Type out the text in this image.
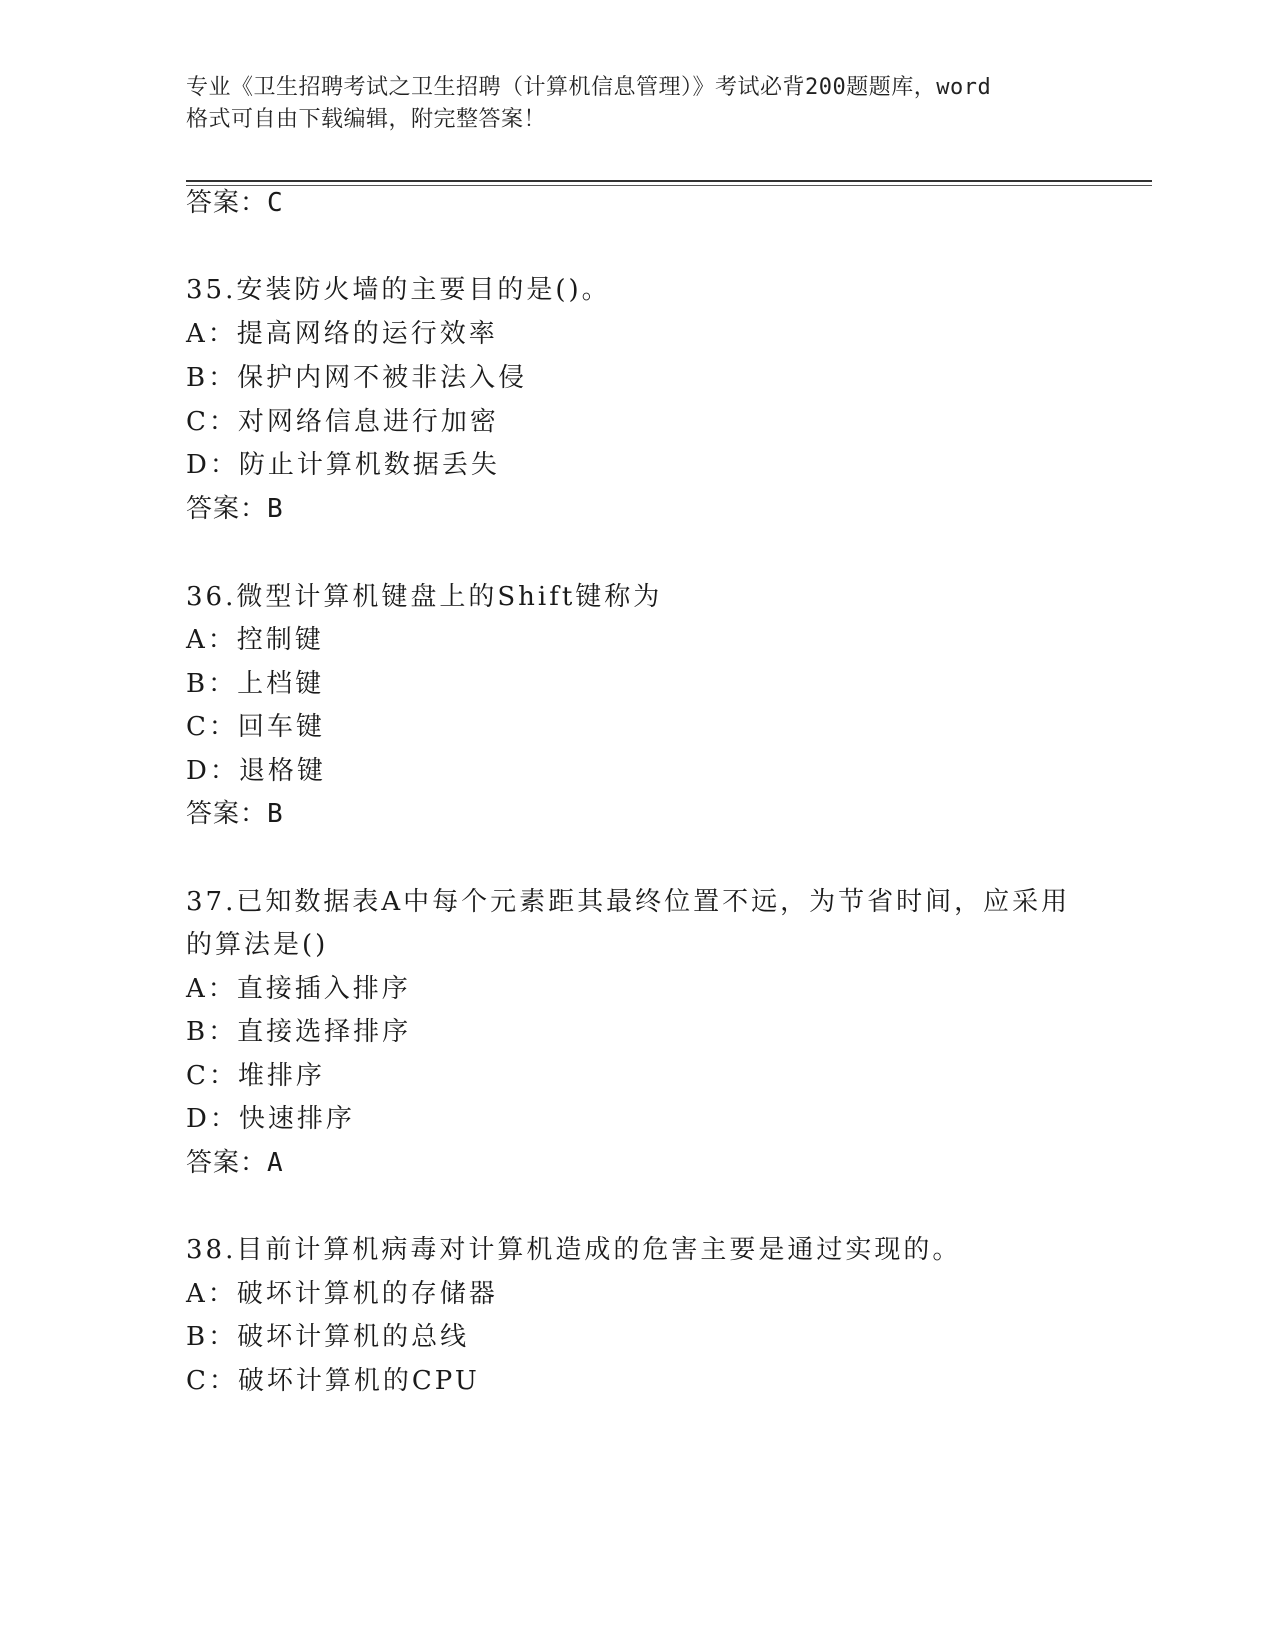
专业《卫生招聘考试之卫生招聘（计算机信息管理）》考试必背200题题库，word
格式可自由下载编辑，附完整答案！
答案：C
35.安装防火墙的主要目的是()。
A：提高网络的运行效率
B：保护内网不被非法入侵
C：对网络信息进行加密
D：防止计算机数据丢失
答案：B
36.微型计算机键盘上的Shift键称为
A：控制键
B：上档键
C：回车键
D：退格键
答案：B
37.已知数据表A中每个元素距其最终位置不远，为节省时间，应采用
的算法是()
A：直接插入排序
B：直接选择排序
C：堆排序
D：快速排序
答案：A
38.目前计算机病毒对计算机造成的危害主要是通过实现的。
A：破坏计算机的存储器
B：破坏计算机的总线
C：破坏计算机的CPU
